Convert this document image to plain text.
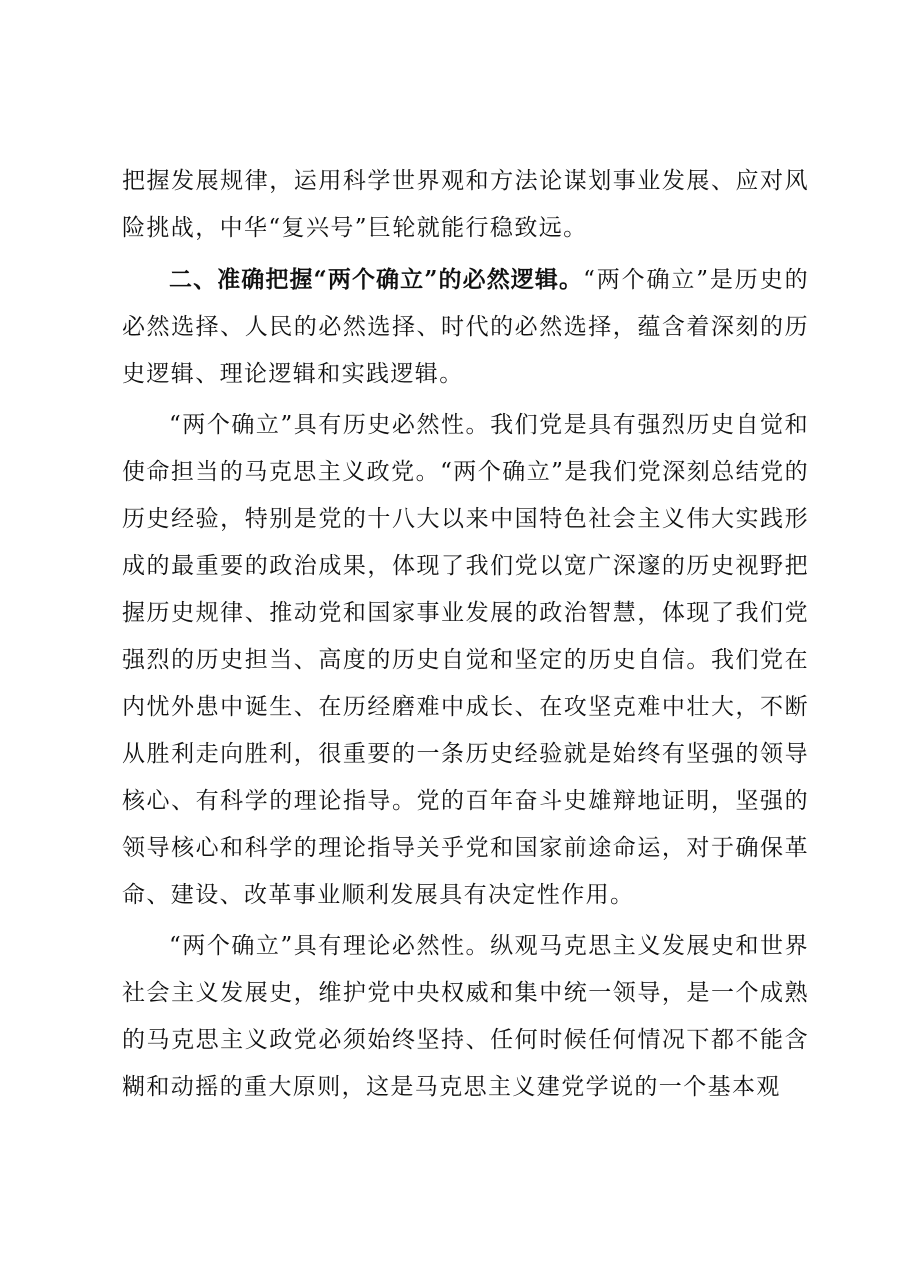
把握发展规律，运用科学世界观和方法论谋划事业发展、应对风险挑战，中华“复兴号”巨轮就能行稳致远。

二、准确把握“两个确立”的必然逻辑。“两个确立”是历史的必然选择、人民的必然选择、时代的必然选择，蕴含着深刻的历史逻辑、理论逻辑和实践逻辑。

“两个确立”具有历史必然性。我们党是具有强烈历史自觉和使命担当的马克思主义政党。“两个确立”是我们党深刻总结党的历史经验，特别是党的十八大以来中国特色社会主义伟大实践形成的最重要的政治成果，体现了我们党以宽广深邃的历史视野把握历史规律、推动党和国家事业发展的政治智慧，体现了我们党强烈的历史担当、高度的历史自觉和坚定的历史自信。我们党在内忧外患中诞生、在历经磨难中成长、在攻坚克难中壮大，不断从胜利走向胜利，很重要的一条历史经验就是始终有坚强的领导核心、有科学的理论指导。党的百年奋斗史雄辩地证明，坚强的领导核心和科学的理论指导关乎党和国家前途命运，对于确保革命、建设、改革事业顺利发展具有决定性作用。

“两个确立”具有理论必然性。纵观马克思主义发展史和世界社会主义发展史，维护党中央权威和集中统一领导，是一个成熟的马克思主义政党必须始终坚持、任何时候任何情况下都不能含糊和动摇的重大原则，这是马克思主义建党学说的一个基本观
